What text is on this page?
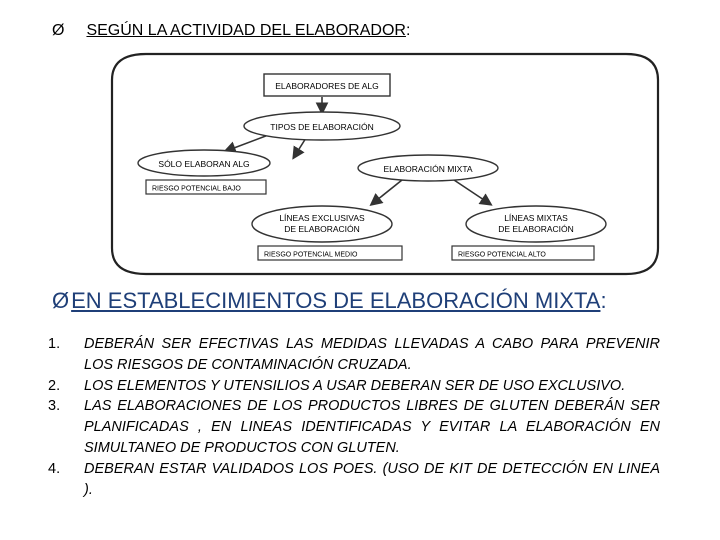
Ø SEGÚN LA ACTIVIDAD DEL ELABORADOR :
ELABORADORES DE ALG
TIPOS DE ELABORACIÓN
SÓLO ELABORAN ALG
RIESGO POTENCIAL BAJO
ELABORACIÓN MIXTA
LÍNEAS EXCLUSIVAS
DE ELABORACIÓN
LÍNEAS MIXTAS
DE ELABORACIÓN
RIESGO POTENCIAL MEDIO	RIESGO POTENCIAL ALTO
Ø EN ESTABLECIMIENTOS DE ELABORACIÓN MIXTA :
1.	DEBERÁN SER EFECTIVAS LAS MEDIDAS LLEVADAS A CABO PARA PREVENIR LOS RIESGOS DE CONTAMINACIÓN CRUZADA.
2.	LOS ELEMENTOS Y UTENSILIOS A USAR DEBERAN SER DE USO EXCLUSIVO.
3.	LAS ELABORACIONES DE LOS PRODUCTOS LIBRES DE GLUTEN DEBERÁN SER PLANIFICADAS , EN LINEAS IDENTIFICADAS Y EVITAR LA ELABORACIÓN EN SIMULTANEO DE PRODUCTOS CON GLUTEN.
4.	DEBERAN ESTAR VALIDADOS LOS POES. (USO DE KIT DE DETECCIÓN EN LINEA ).
